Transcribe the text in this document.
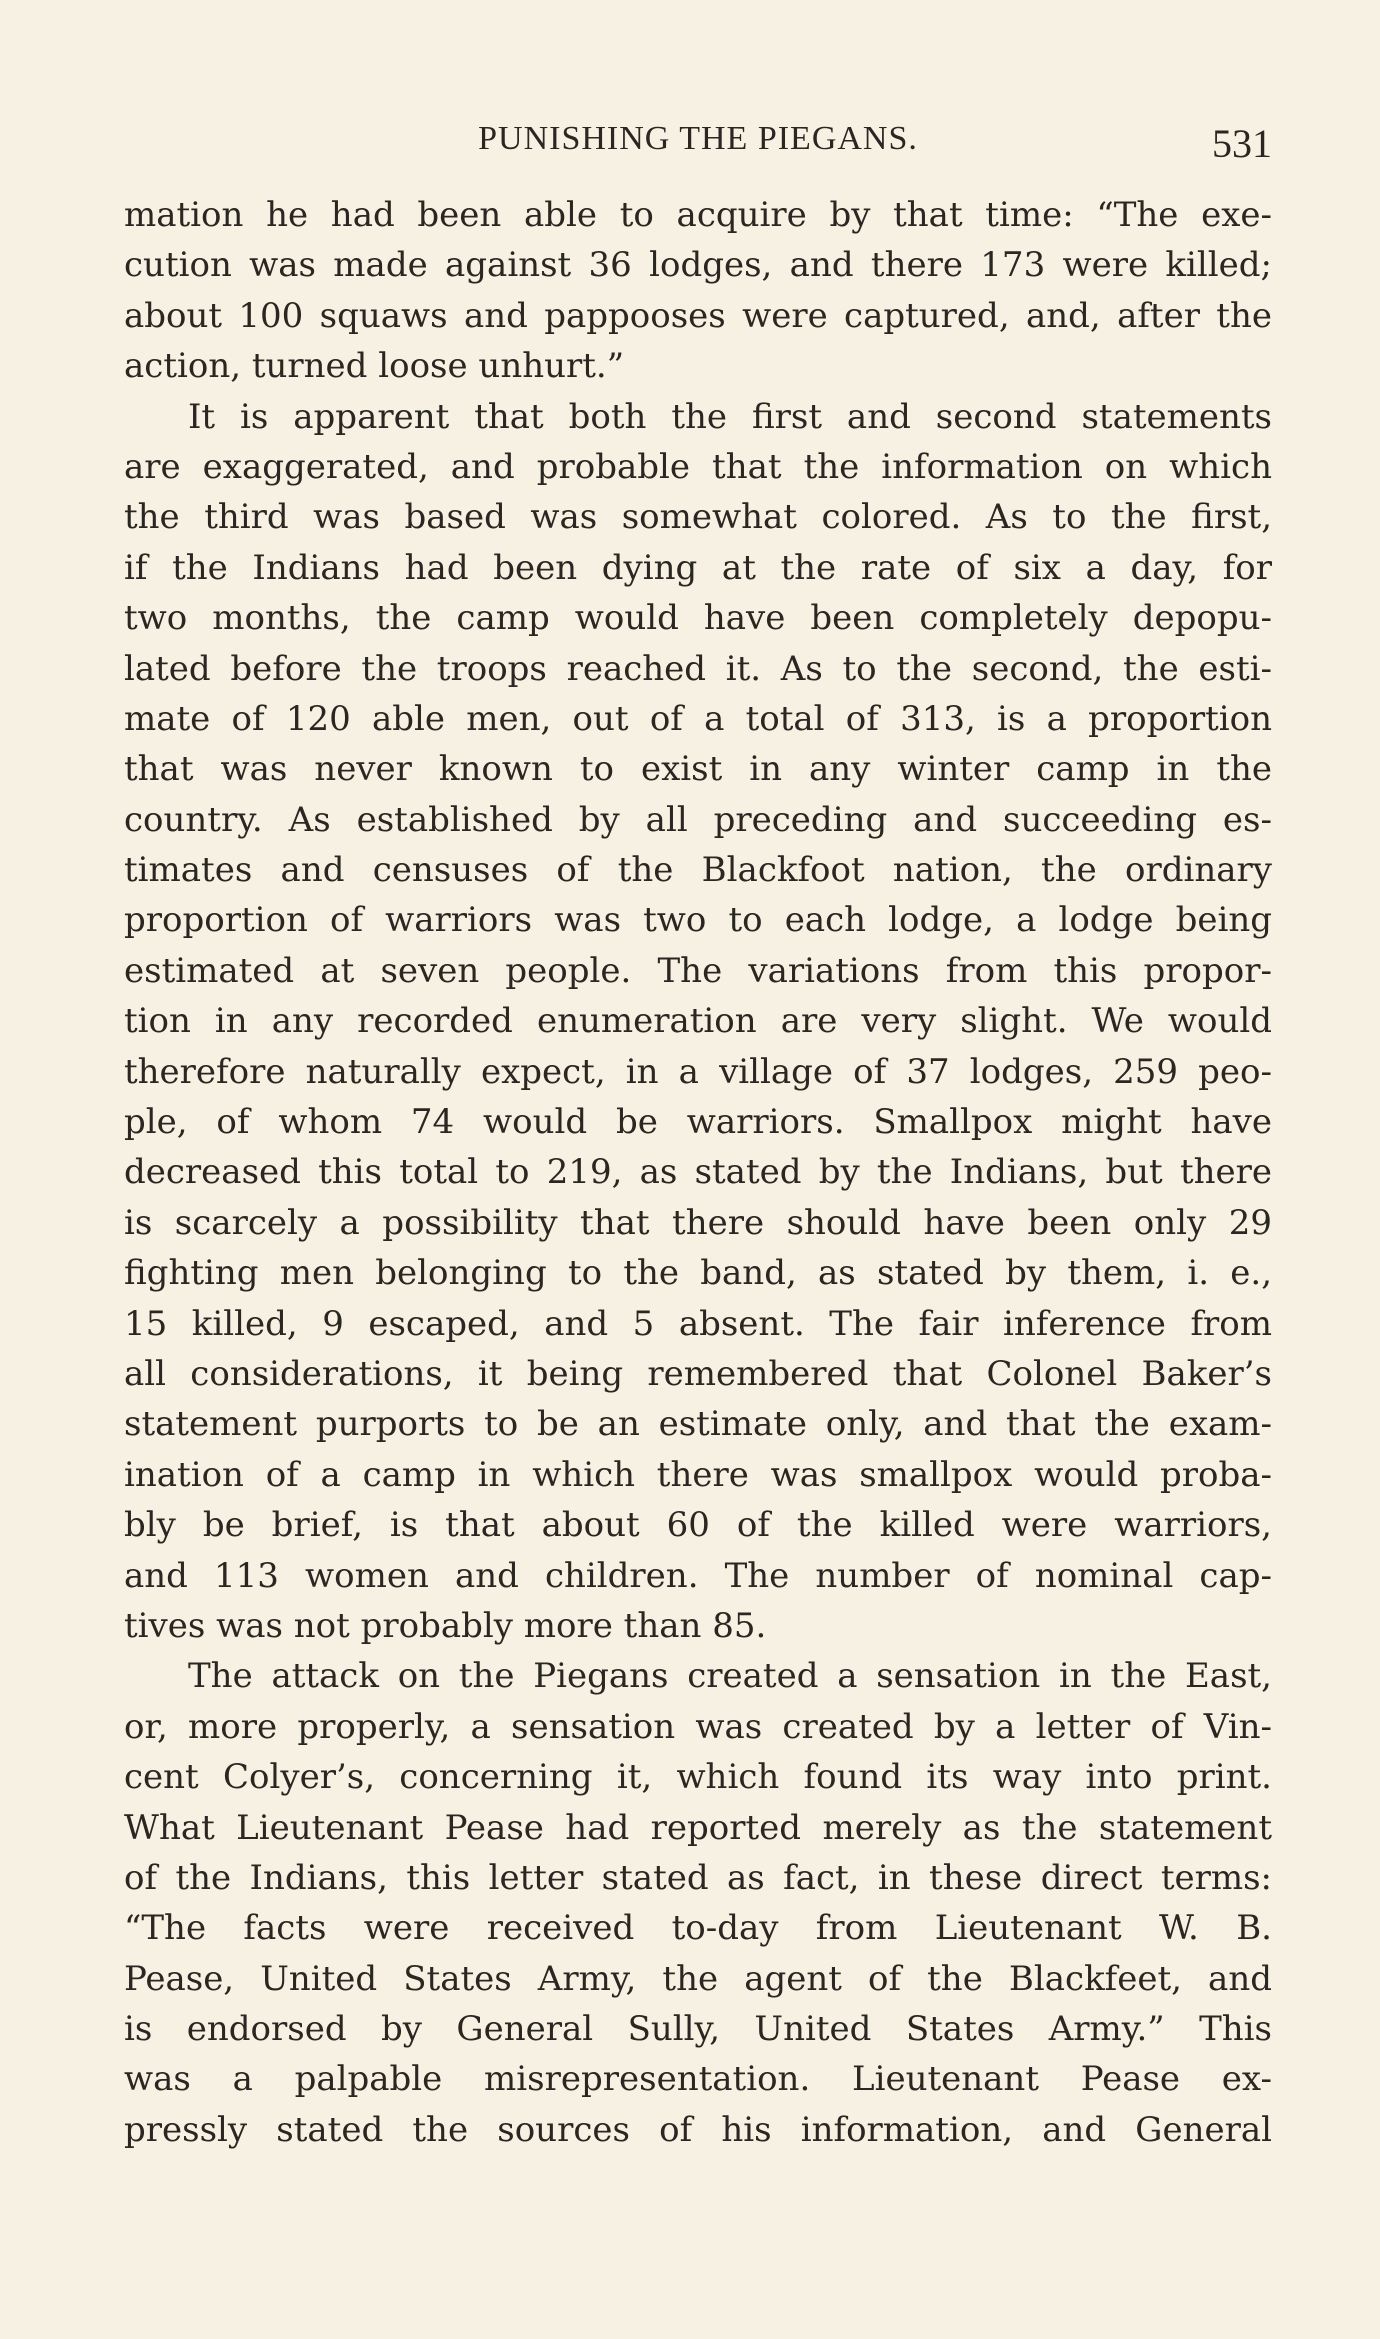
PUNISHING THE PIEGANS.	531
mation he had been able to acquire by that time: “The exe-
cution was made against 36 lodges, and there 173 were killed;
about 100 squaws and pappooses were captured, and, after the
action, turned loose unhurt.”
It is apparent that both the first and second statements
are exaggerated, and probable that the information on which
the third was based was somewhat colored. As to the first,
if the Indians had been dying at the rate of six a day, for
two months, the camp would have been completely depopu-
lated before the troops reached it. As to the second, the esti-
mate of 120 able men, out of a total of 313, is a proportion
that was never known to exist in any winter camp in the
country. As established by all preceding and succeeding es-
timates and censuses of the Blackfoot nation, the ordinary
proportion of warriors was two to each lodge, a lodge being
estimated at seven people. The variations from this propor-
tion in any recorded enumeration are very slight. We would
therefore naturally expect, in a village of 37 lodges, 259 peo-
ple, of whom 74 would be warriors. Smallpox might have
decreased this total to 219, as stated by the Indians, but there
is scarcely a possibility that there should have been only 29
fighting men belonging to the band, as stated by them, i. e.,
15 killed, 9 escaped, and 5 absent. The fair inference from
all considerations, it being remembered that Colonel Baker’s
statement purports to be an estimate only, and that the exam-
ination of a camp in which there was smallpox would proba-
bly be brief, is that about 60 of the killed were warriors,
and 113 women and children. The number of nominal cap-
tives was not probably more than 85.
The attack on the Piegans created a sensation in the East,
or, more properly, a sensation was created by a letter of Vin-
cent Colyer’s, concerning it, which found its way into print.
What Lieutenant Pease had reported merely as the statement
of the Indians, this letter stated as fact, in these direct terms:
“The facts were received to-day from Lieutenant W. B.
Pease, United States Army, the agent of the Blackfeet, and
is endorsed by General Sully, United States Army.” This
was a palpable misrepresentation. Lieutenant Pease ex-
pressly stated the sources of his information, and General
